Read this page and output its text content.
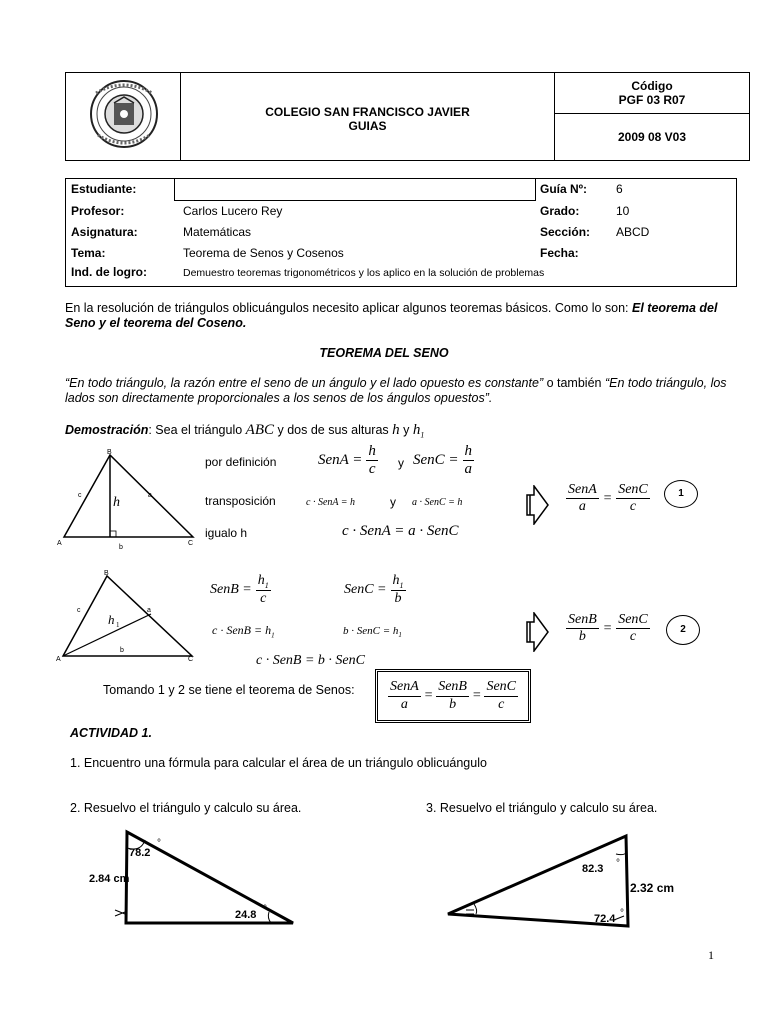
COLEGIO SAN FRANCISCO JAVIER
GUIAS

Código
PGF 03 R07

2009 08 V03
Estudiante:
Profesor:	Carlos Lucero Rey
Asignatura:	Matemáticas
Tema:	Teorema de Senos y Cosenos
Ind. de logro:	Demuestro teoremas trigonométricos y los aplico en la solución de problemas
Guía Nº: 6
Grado:	10
Sección: ABCD
Fecha:
En la resolución de triángulos oblicuángulos necesito aplicar algunos teoremas básicos. Como lo son: El teorema del Seno y el teorema del Coseno.
TEOREMA DEL SENO
“En todo triángulo, la razón entre el seno de un ángulo y el lado opuesto es constante” o también “En todo triángulo, los lados son directamente proporcionales a los senos de los ángulos opuestos”.
Demostración: Sea el triángulo ABC y dos de sus alturas h y $h_1$
B
A	C
c	a
b
h
por definición	SenA = $\frac{h}{c}$ y SenC = $\frac{h}{a}$
transposición	c · SenA = h	y a · SenC = h
igualo h	c · SenA = a · SenC
$\frac{\text{SenA}}{a} = \frac{\text{SenC}}{c}$	1
B
A	C
c	a
b
h 1
SenB = $\frac{h_1}{c}$	SenC = $\frac{h_1}{b}$
c · SenB = $h_1$	b · SenC = $h_1$
c · SenB = b · SenC
$\frac{\text{SenB}}{b} = \frac{\text{SenC}}{c}$	2
Tomando 1 y 2 se tiene el teorema de Senos: $\frac{\text{SenA}}{a} = \frac{\text{SenB}}{b} = \frac{\text{SenC}}{c}$
ACTIVIDAD 1.
1. Encuentro una fórmula para calcular el área de un triángulo oblicuángulo
2. Resuelvo el triángulo y calculo su área.	3. Resuelvo el triángulo y calculo su área.
78.2
°
2.84 cm
24.8 °
82.3 °
2.32 cm
72.4 °
1
